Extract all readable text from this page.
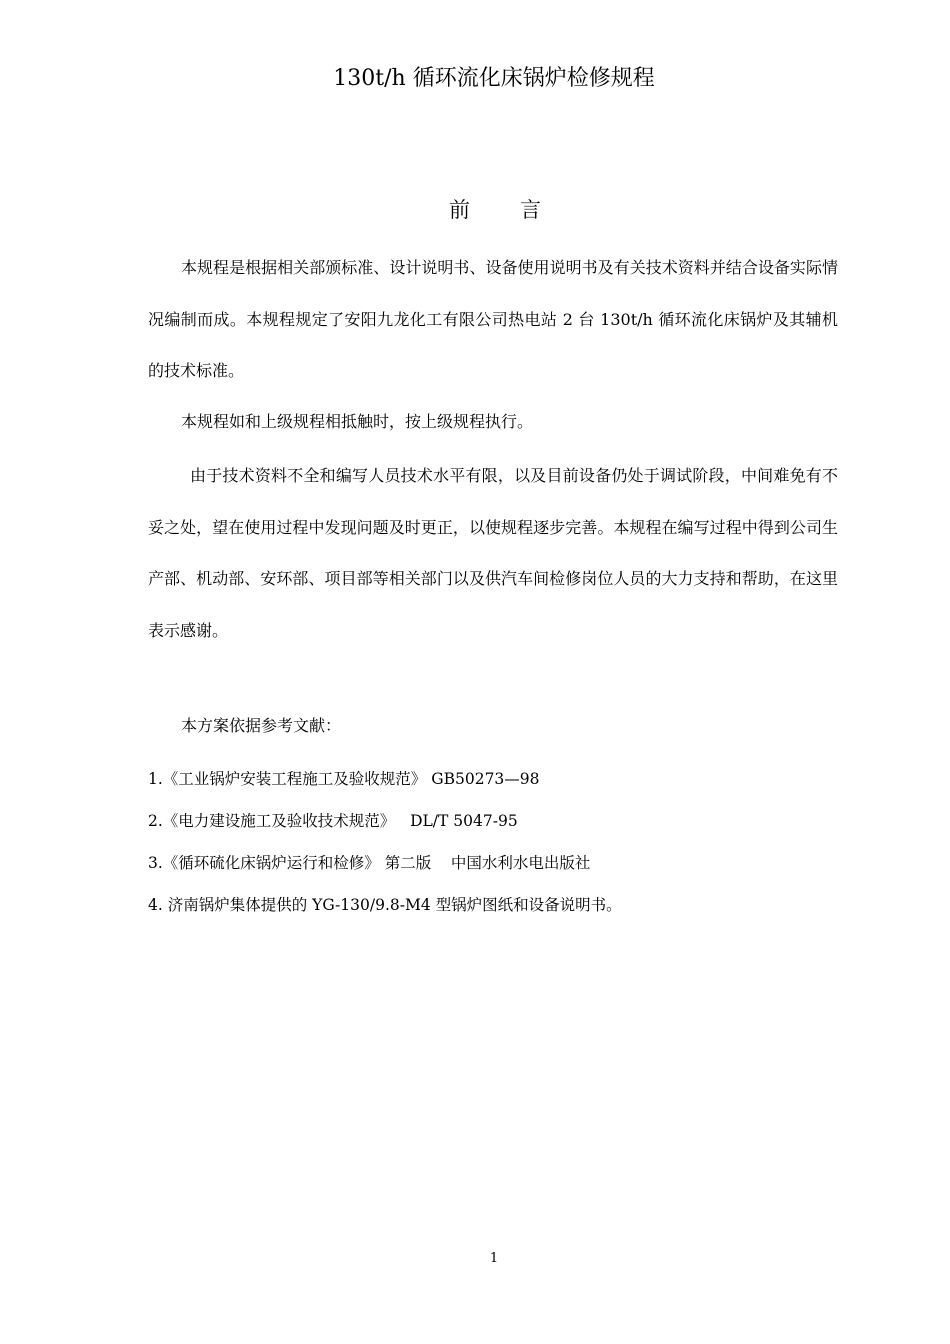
130t/h 循环流化床锅炉检修规程
前言

本规程是根据相关部颁标准、设计说明书、设备使用说明书及有关技术资料并结合设备实际情况编制而成。本规程规定了安阳九龙化工有限公司热电站 2 台 130t/h 循环流化床锅炉及其辅机的技术标准。

本规程如和上级规程相抵触时，按上级规程执行。

由于技术资料不全和编写人员技术水平有限，以及目前设备仍处于调试阶段，中间难免有不妥之处，望在使用过程中发现问题及时更正，以使规程逐步完善。本规程在编写过程中得到公司生产部、机动部、安环部、项目部等相关部门以及供汽车间检修岗位人员的大力支持和帮助，在这里表示感谢。

本方案依据参考文献：
1.《工业锅炉安装工程施工及验收规范》 GB50273—98
2.《电力建设施工及验收技术规范》   DL/T 5047-95
3.《循环硫化床锅炉运行和检修》 第二版    中国水利水电出版社
4. 济南锅炉集体提供的 YG-130/9.8-M4 型锅炉图纸和设备说明书。
1
